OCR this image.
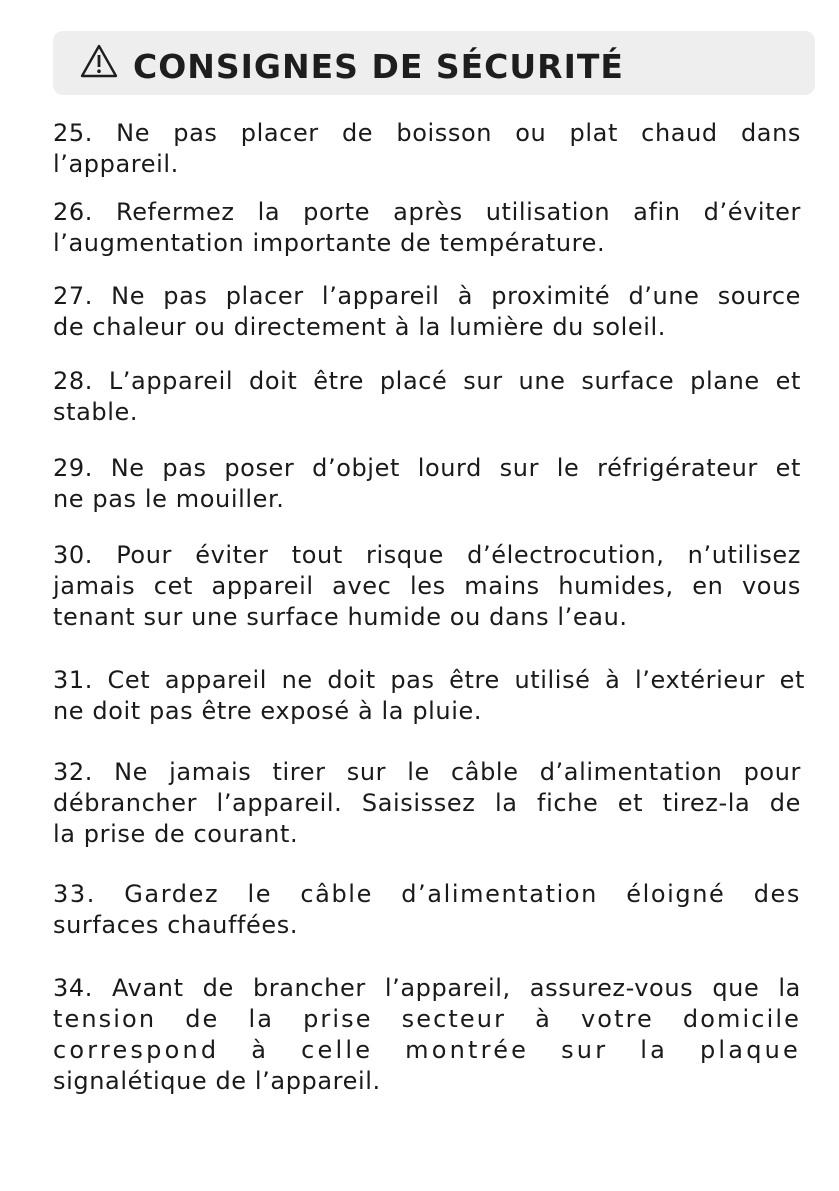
CONSIGNES DE SÉCURITÉ

25. Ne pas placer de boisson ou plat chaud dans
l’appareil.

26. Refermez la porte après utilisation afin d’éviter
l’augmentation importante de température.

27. Ne pas placer l’appareil à proximité d’une source
de chaleur ou directement à la lumière du soleil.

28. L’appareil doit être placé sur une surface plane et
stable.

29. Ne pas poser d’objet lourd sur le réfrigérateur et
ne pas le mouiller.

30. Pour éviter tout risque d’électrocution, n’utilisez
jamais cet appareil avec les mains humides, en vous
tenant sur une surface humide ou dans l’eau.

31. Cet appareil ne doit pas être utilisé à l’extérieur et
ne doit pas être exposé à la pluie.

32. Ne jamais tirer sur le câble d’alimentation pour
débrancher l’appareil. Saisissez la fiche et tirez-la de
la prise de courant.

33. Gardez le câble d’alimentation éloigné des
surfaces chauffées.

34. Avant de brancher l’appareil, assurez-vous que la
tension de la prise secteur à votre domicile
correspond à celle montrée sur la plaque
signalétique de l’appareil.
